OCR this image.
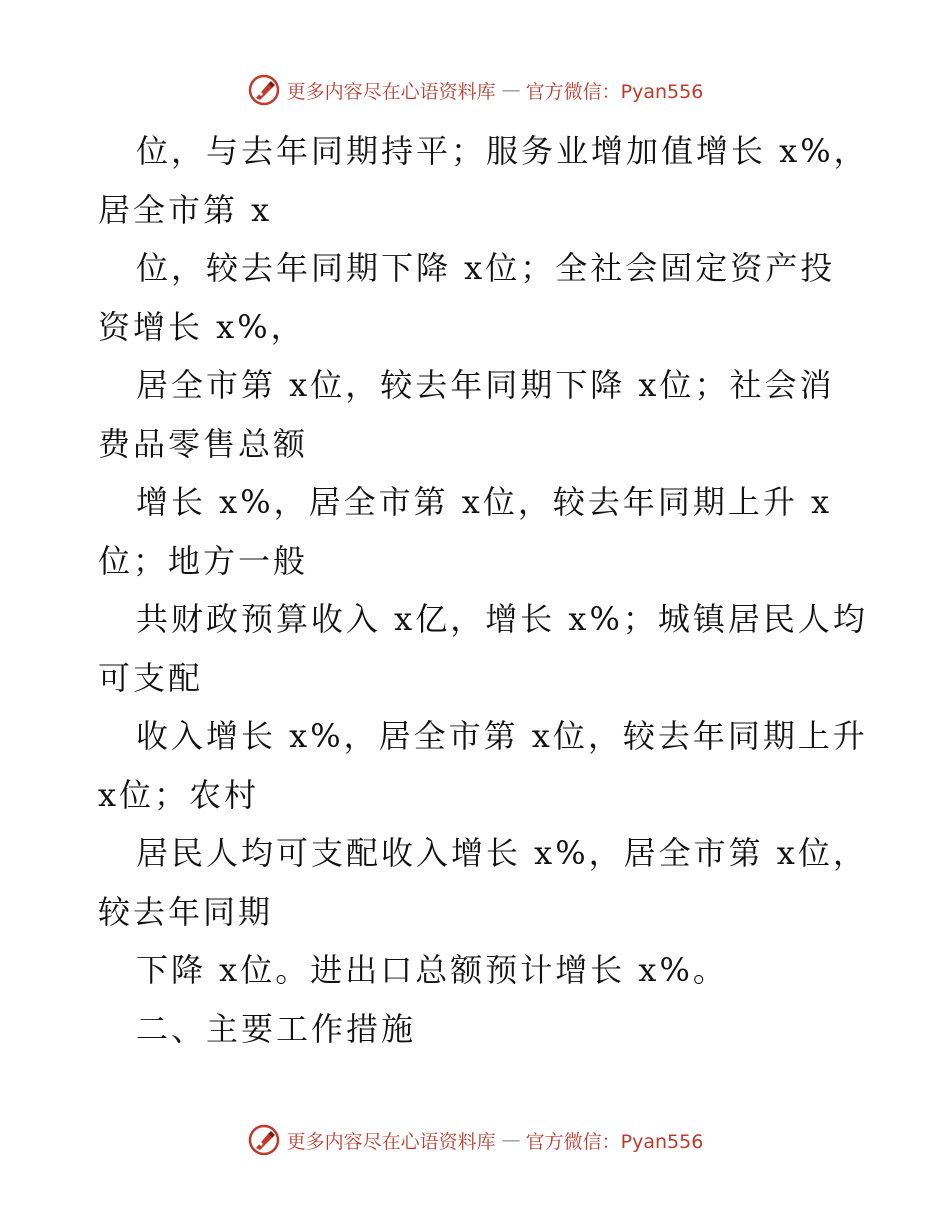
更多内容尽在心语资料库 — 官方微信：Pyan556
位，与去年同期持平；服务业增加值增长 x%，
居全市第 x
位，较去年同期下降 x位；全社会固定资产投
资增长 x%，
居全市第 x位，较去年同期下降 x位；社会消
费品零售总额
增长 x%，居全市第 x位，较去年同期上升 x
位；地方一般
共财政预算收入 x亿，增长 x%；城镇居民人均
可支配
收入增长 x%，居全市第 x位，较去年同期上升
x位；农村
居民人均可支配收入增长 x%，居全市第 x位，
较去年同期
下降 x位。进出口总额预计增长 x%。
二、主要工作措施
更多内容尽在心语资料库 — 官方微信：Pyan556
